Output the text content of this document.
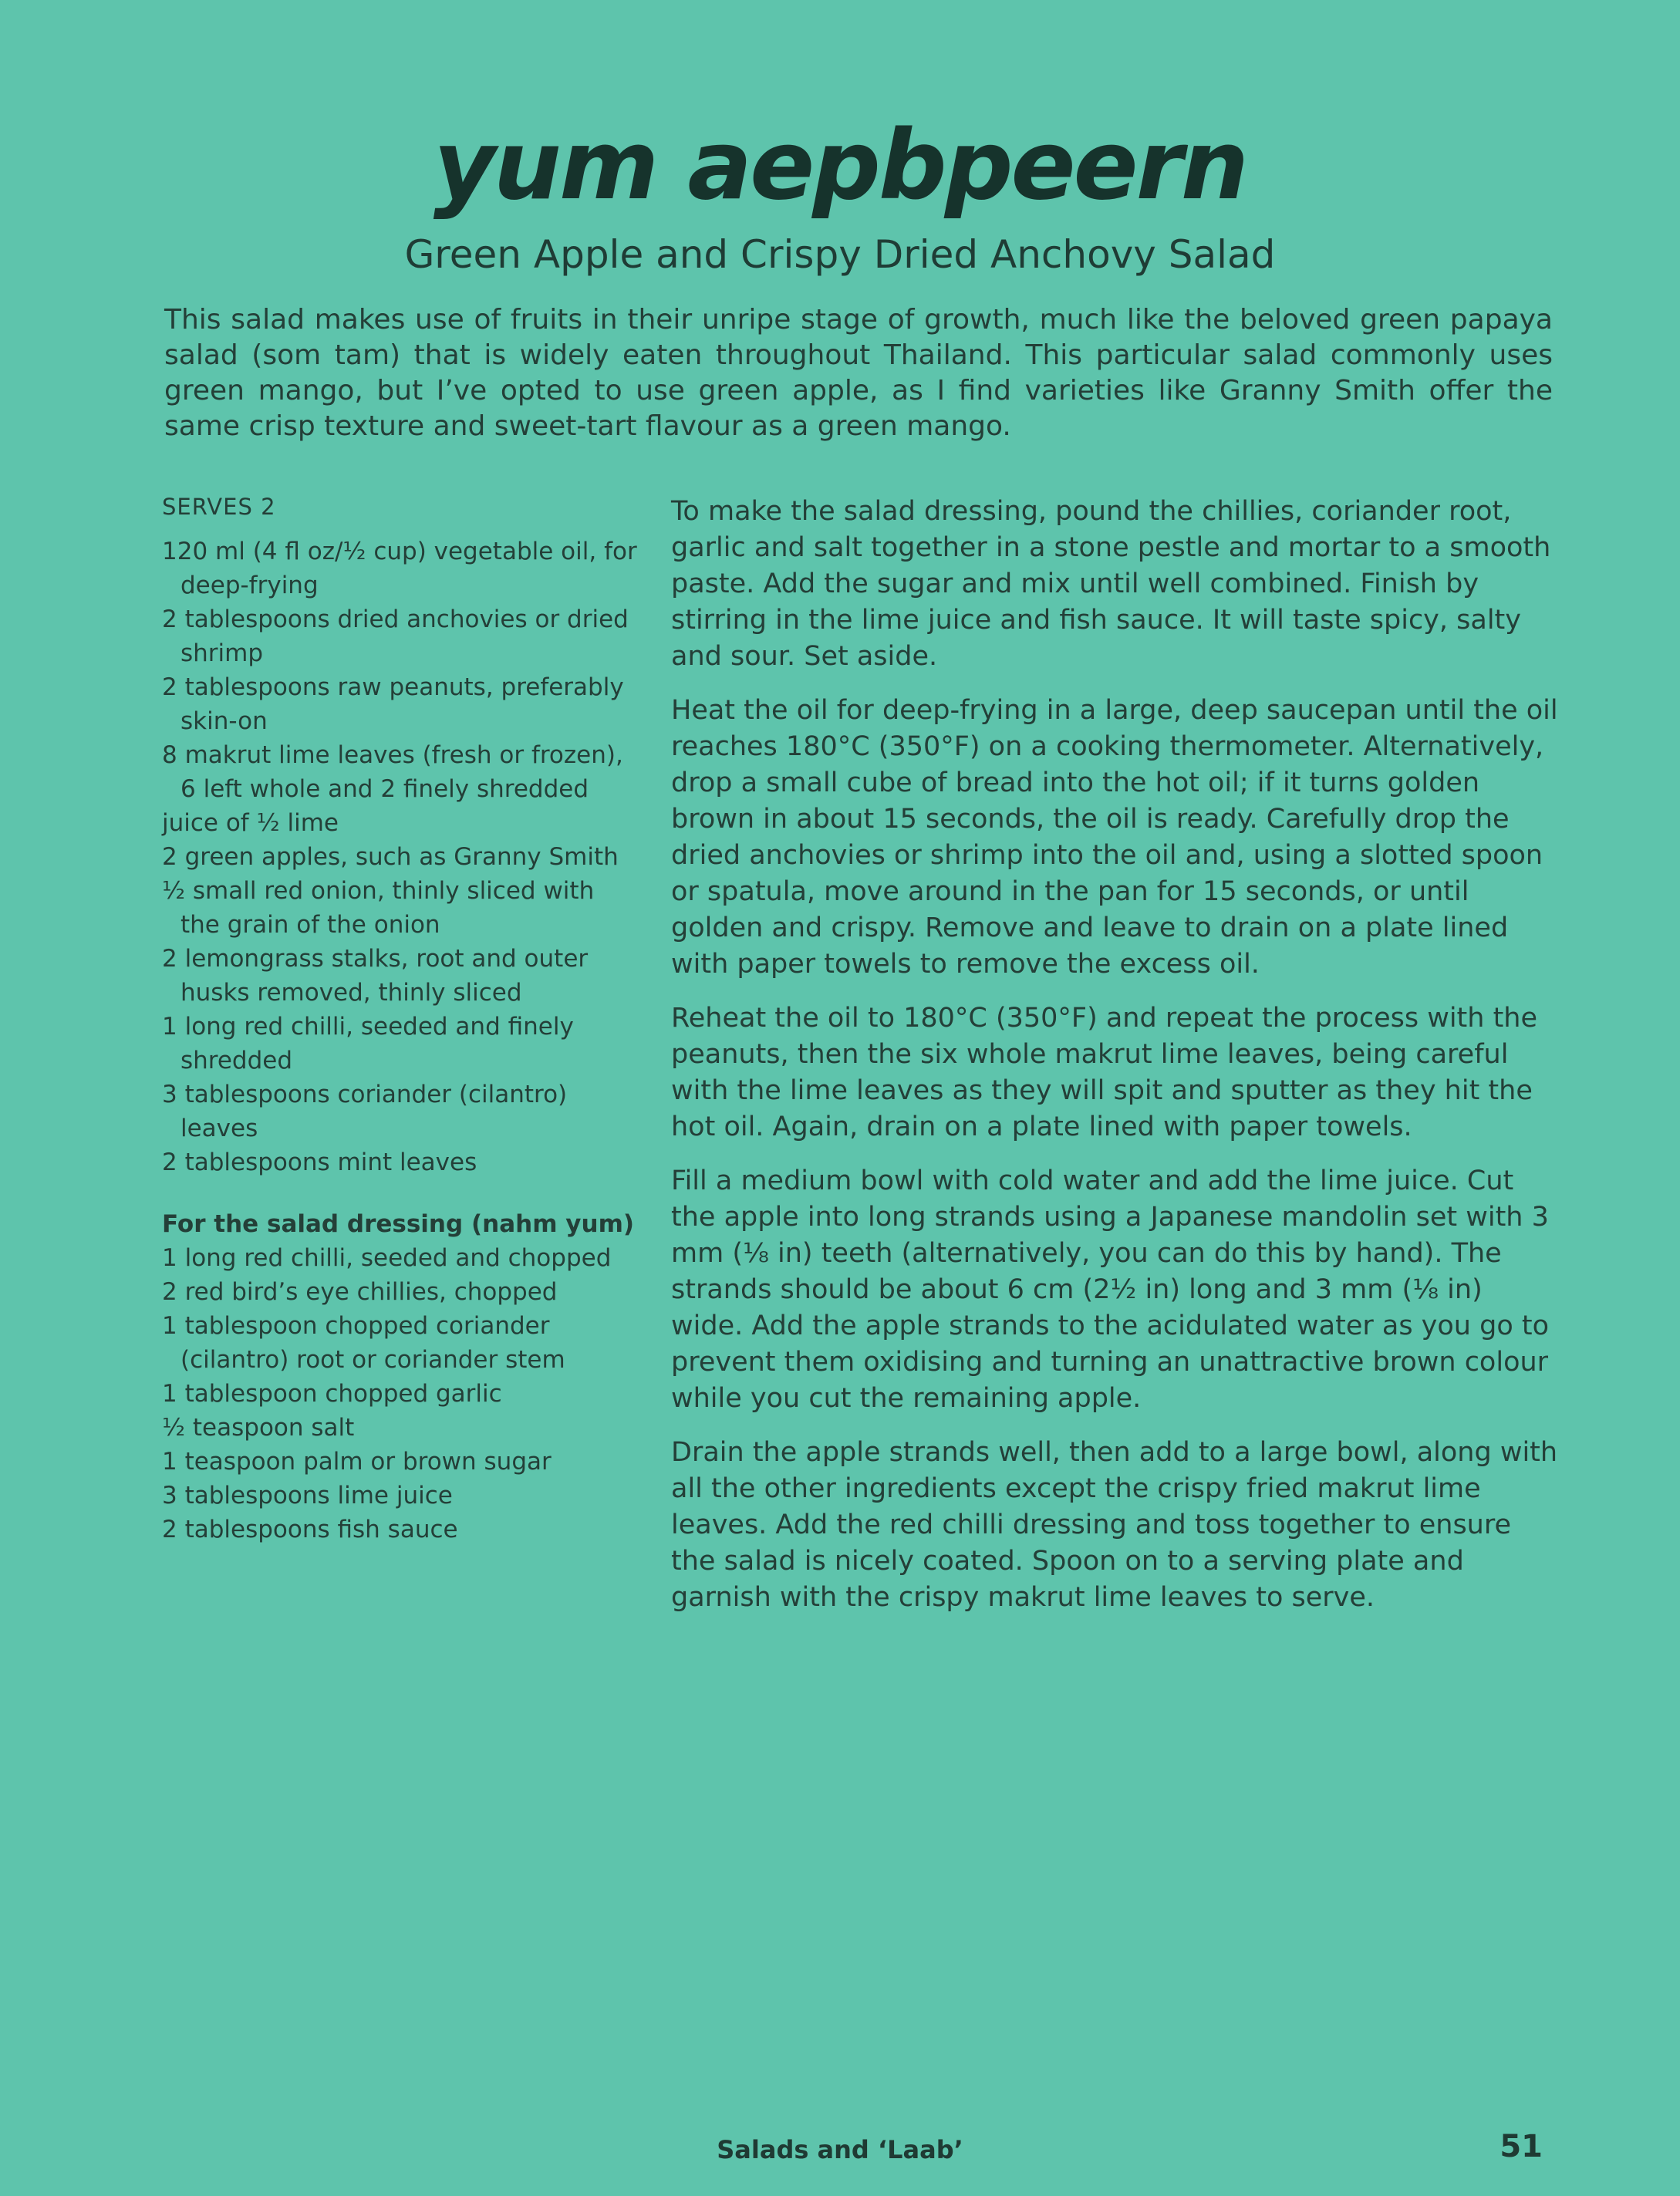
yum aepbpeern
Green Apple and Crispy Dried Anchovy Salad
This salad makes use of fruits in their unripe stage of growth, much like the beloved green papaya salad (som tam) that is widely eaten throughout Thailand. This particular salad commonly uses green mango, but I’ve opted to use green apple, as I find varieties like Granny Smith offer the same crisp texture and sweet-tart flavour as a green mango.
SERVES 2
120 ml (4 fl oz/½ cup) vegetable oil, for deep-frying
2 tablespoons dried anchovies or dried shrimp
2 tablespoons raw peanuts, preferably skin-on
8 makrut lime leaves (fresh or frozen), 6 left whole and 2 finely shredded
juice of ½ lime
2 green apples, such as Granny Smith
½ small red onion, thinly sliced with the grain of the onion
2 lemongrass stalks, root and outer husks removed, thinly sliced
1 long red chilli, seeded and finely shredded
3 tablespoons coriander (cilantro) leaves
2 tablespoons mint leaves
For the salad dressing (nahm yum)
1 long red chilli, seeded and chopped
2 red bird’s eye chillies, chopped
1 tablespoon chopped coriander (cilantro) root or coriander stem
1 tablespoon chopped garlic
½ teaspoon salt
1 teaspoon palm or brown sugar
3 tablespoons lime juice
2 tablespoons fish sauce

To make the salad dressing, pound the chillies, coriander root, garlic and salt together in a stone pestle and mortar to a smooth paste. Add the sugar and mix until well combined. Finish by stirring in the lime juice and fish sauce. It will taste spicy, salty and sour. Set aside.

Heat the oil for deep-frying in a large, deep saucepan until the oil reaches 180°C (350°F) on a cooking thermometer. Alternatively, drop a small cube of bread into the hot oil; if it turns golden brown in about 15 seconds, the oil is ready. Carefully drop the dried anchovies or shrimp into the oil and, using a slotted spoon or spatula, move around in the pan for 15 seconds, or until golden and crispy. Remove and leave to drain on a plate lined with paper towels to remove the excess oil.

Reheat the oil to 180°C (350°F) and repeat the process with the peanuts, then the six whole makrut lime leaves, being careful with the lime leaves as they will spit and sputter as they hit the hot oil. Again, drain on a plate lined with paper towels.

Fill a medium bowl with cold water and add the lime juice. Cut the apple into long strands using a Japanese mandolin set with 3 mm (⅛ in) teeth (alternatively, you can do this by hand). The strands should be about 6 cm (2½ in) long and 3 mm (⅛ in) wide. Add the apple strands to the acidulated water as you go to prevent them oxidising and turning an unattractive brown colour while you cut the remaining apple.

Drain the apple strands well, then add to a large bowl, along with all the other ingredients except the crispy fried makrut lime leaves. Add the red chilli dressing and toss together to ensure the salad is nicely coated. Spoon on to a serving plate and garnish with the crispy makrut lime leaves to serve.

Salads and ‘Laab’	51
